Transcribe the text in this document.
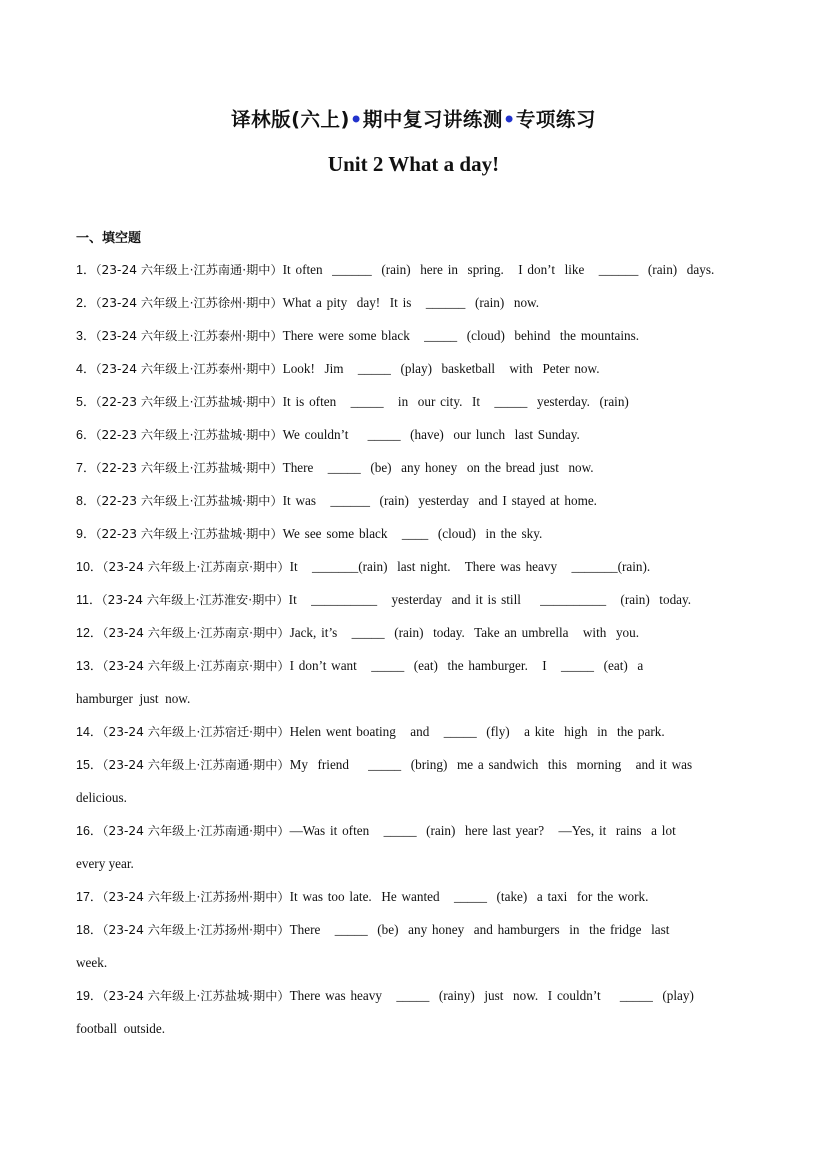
译林版(六上)•期中复习讲练测•专项练习
Unit 2 What a day!
一、填空题
1．（23-24 六年级上·江苏南通·期中）It often  ______  (rain)  here in  spring.   I don’t  like   ______  (rain)  days.
2．（23-24 六年级上·江苏徐州·期中）What a pity  day!  It is   ______  (rain)  now.
3．（23-24 六年级上·江苏泰州·期中）There were some black   _____  (cloud)  behind  the mountains.
4．（23-24 六年级上·江苏泰州·期中）Look!  Jim   _____  (play)  basketball   with  Peter now.
5．（22-23 六年级上·江苏盐城·期中）It is often   _____   in  our city.  It   _____  yesterday.  (rain)
6．（22-23 六年级上·江苏盐城·期中）We couldn’t    _____  (have)  our lunch  last Sunday.
7．（22-23 六年级上·江苏盐城·期中）There   _____  (be)  any honey  on the bread just  now.
8．（22-23 六年级上·江苏盐城·期中）It was   ______  (rain)  yesterday  and I stayed at home.
9．（22-23 六年级上·江苏盐城·期中）We see some black   ____  (cloud)  in the sky.
10．（23-24 六年级上·江苏南京·期中）It   _______(rain)  last night.   There was heavy   _______(rain).
11．（23-24 六年级上·江苏淮安·期中）It   __________   yesterday  and it is still    __________   (rain)  today.
12．（23-24 六年级上·江苏南京·期中）Jack, it’s   _____  (rain)  today.  Take an umbrella   with  you.
13．（23-24 六年级上·江苏南京·期中）I don’t want   _____  (eat)  the hamburger.   I   _____  (eat)  a
hamburger  just  now.
14．（23-24 六年级上·江苏宿迁·期中）Helen went boating   and   _____  (fly)   a kite  high  in  the park.
15．（23-24 六年级上·江苏南通·期中）My  friend    _____  (bring)  me a sandwich  this  morning   and it was
delicious.
16．（23-24 六年级上·江苏南通·期中）—Was it often   _____  (rain)  here last year?   —Yes, it  rains  a lot
every year.
17．（23-24 六年级上·江苏扬州·期中）It was too late.  He wanted   _____  (take)  a taxi  for the work.
18．（23-24 六年级上·江苏扬州·期中）There   _____  (be)  any honey  and hamburgers  in  the fridge  last
week.
19．（23-24 六年级上·江苏盐城·期中）There was heavy   _____  (rainy)  just  now.  I couldn’t    _____  (play)
football  outside.
